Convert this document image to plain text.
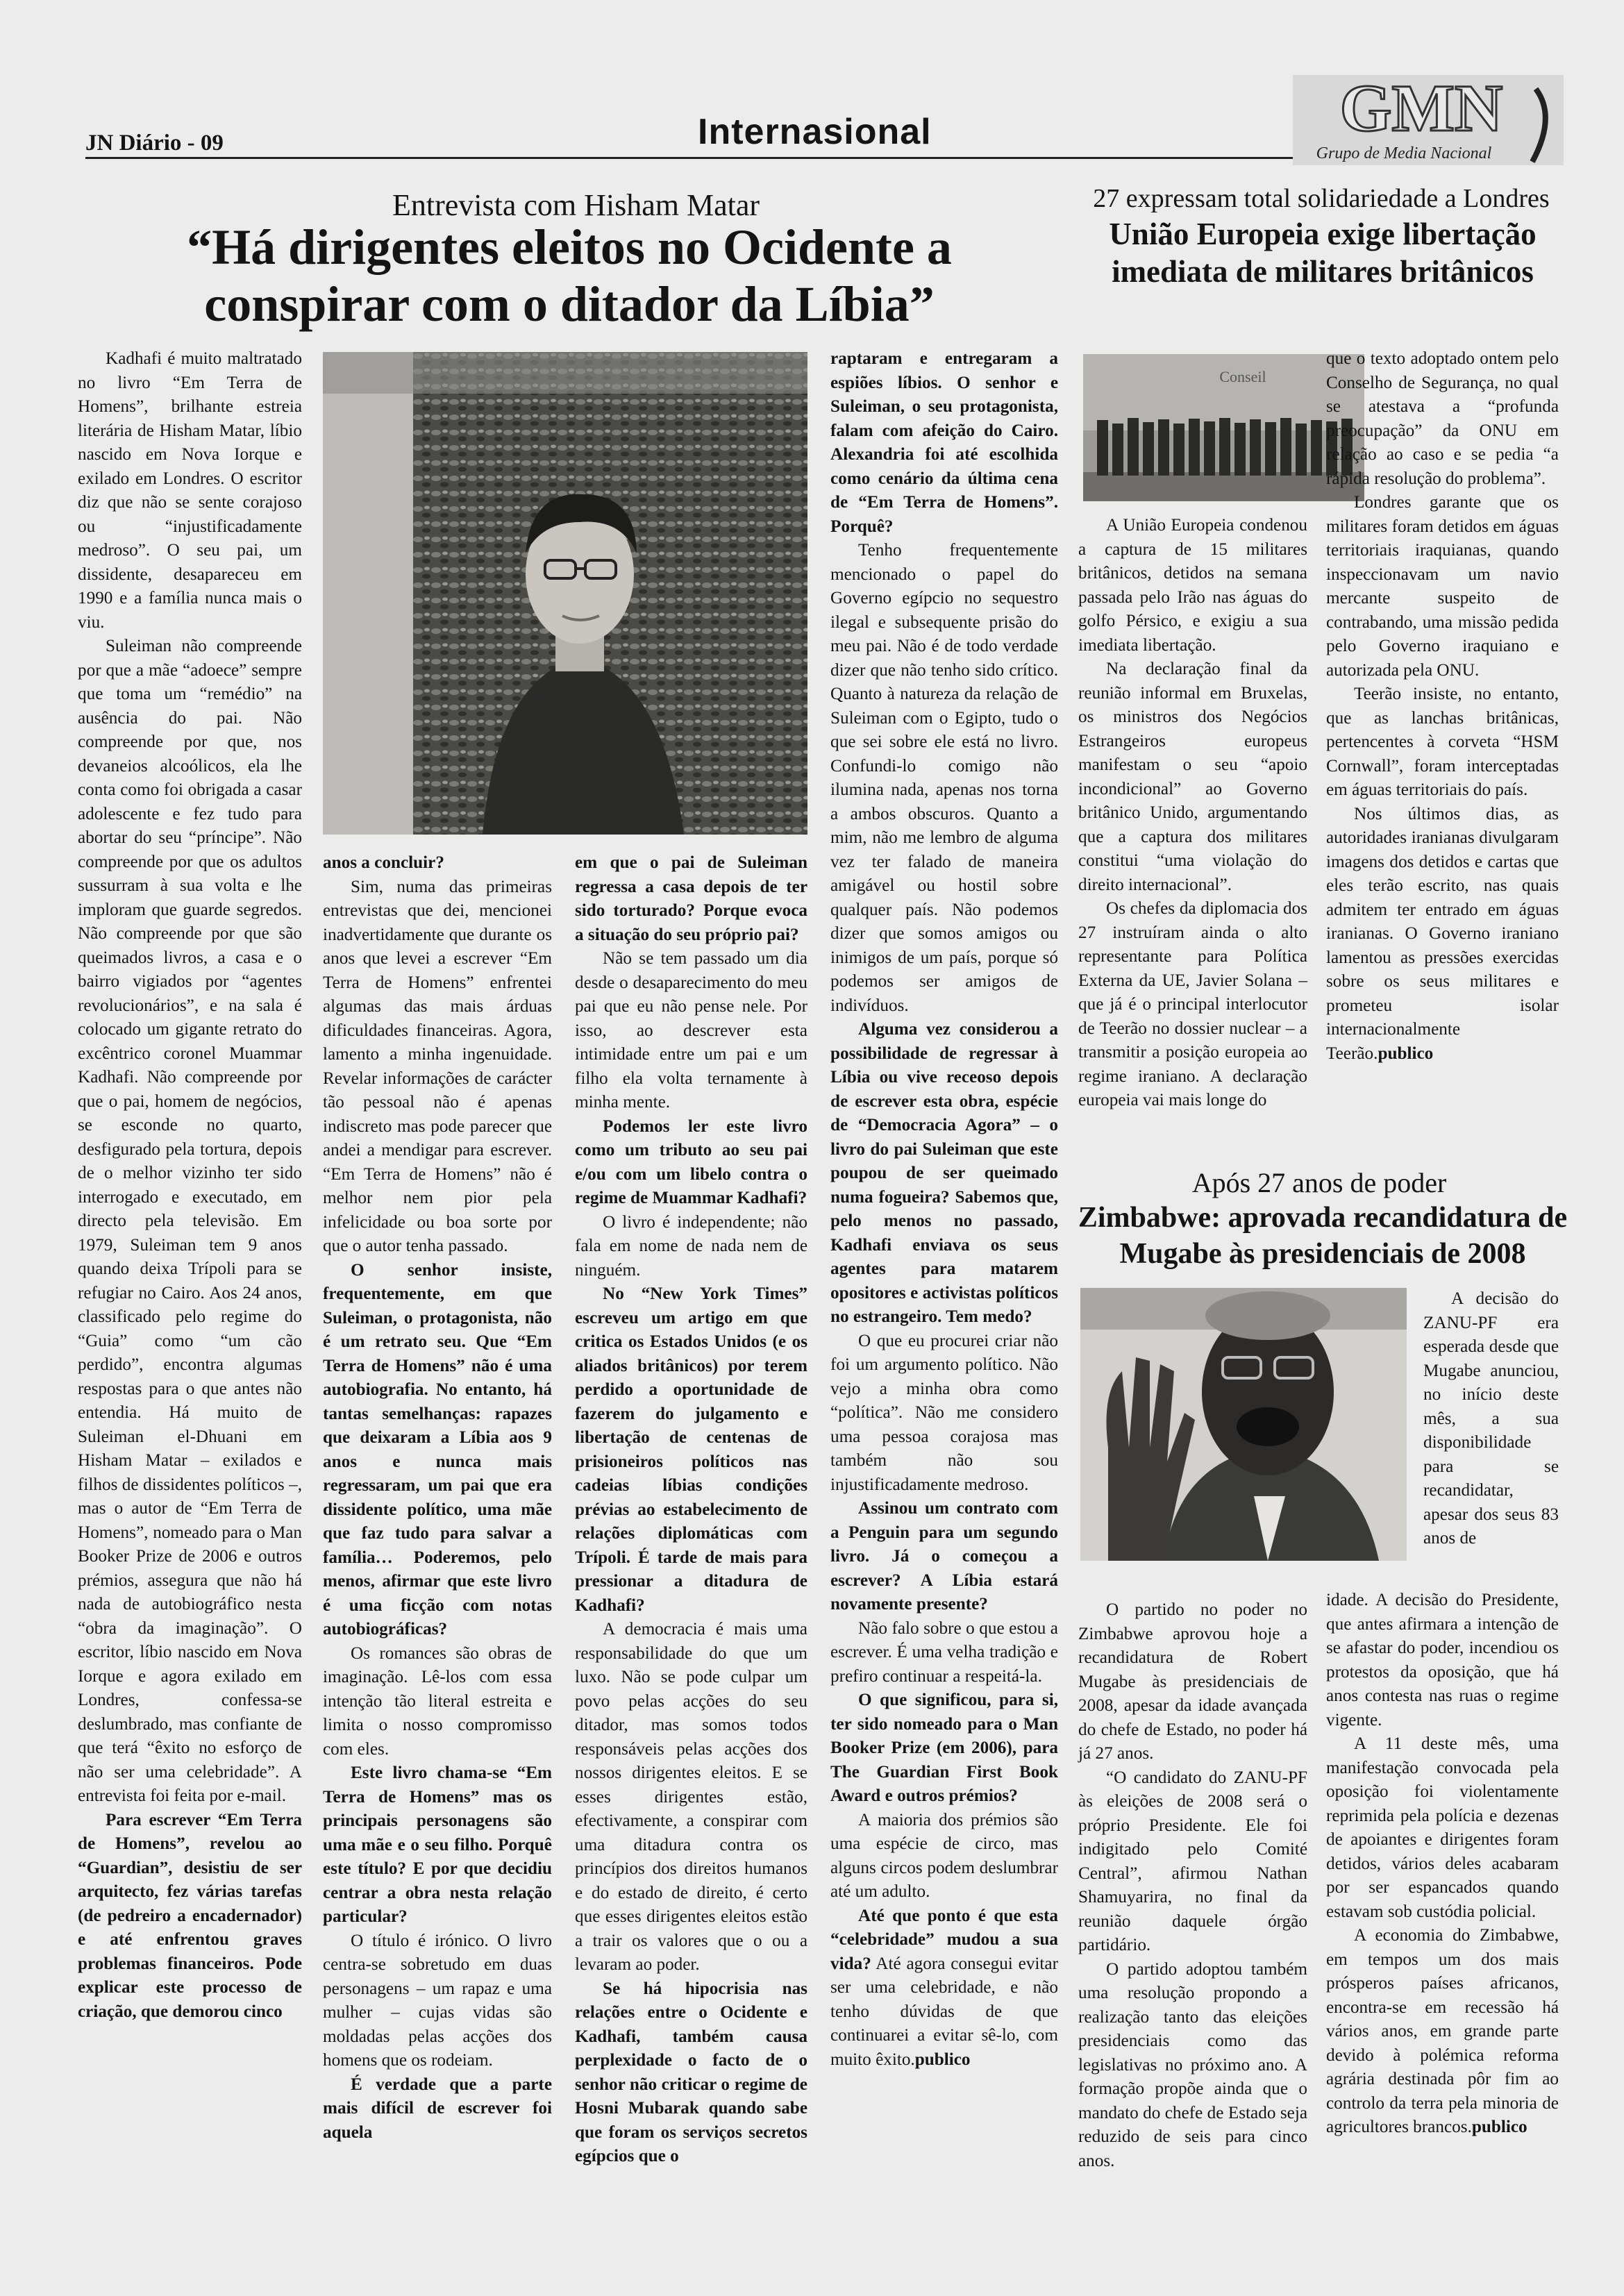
JN Diário - 09	Internasional	GMN
Grupo de Media Nacional
Entrevista com Hisham Matar
“Há dirigentes eleitos no Ocidente a conspirar com o ditador da Líbia”

Kadhafi é muito maltratado no livro “Em Terra de Homens”, brilhante estreia literária de Hisham Matar, líbio nascido em Nova Iorque e exilado em Londres. O escritor diz que não se sente corajoso ou “injustificadamente medroso”. O seu pai, um dissidente, desapareceu em 1990 e a família nunca mais o viu.

Suleiman não compreende por que a mãe “adoece” sempre que toma um “remédio” na ausência do pai. Não compreende por que, nos devaneios alcoólicos, ela lhe conta como foi obrigada a casar adolescente e fez tudo para abortar do seu “príncipe”. Não compreende por que os adultos sussurram à sua volta e lhe imploram que guarde segredos. Não compreende por que são queimados livros, a casa e o bairro vigiados por “agentes revolucionários”, e na sala é colocado um gigante retrato do excêntrico coronel Muammar Kadhafi. Não compreende por que o pai, homem de negócios, se esconde no quarto, desfigurado pela tortura, depois de o melhor vizinho ter sido interrogado e executado, em directo pela televisão. Em 1979, Suleiman tem 9 anos quando deixa Trípoli para se refugiar no Cairo. Aos 24 anos, classificado pelo regime do “Guia” como “um cão perdido”, encontra algumas respostas para o que antes não entendia. Há muito de Suleiman el-Dhuani em Hisham Matar – exilados e filhos de dissidentes políticos –, mas o autor de “Em Terra de Homens”, nomeado para o Man Booker Prize de 2006 e outros prémios, assegura que não há nada de autobiográfico nesta “obra da imaginação”. O escritor, líbio nascido em Nova Iorque e agora exilado em Londres, confessa-se deslumbrado, mas confiante de que terá “êxito no esforço de não ser uma celebridade”. A entrevista foi feita por e-mail.

Para escrever “Em Terra de Homens”, revelou ao “Guardian”, desistiu de ser arquitecto, fez várias tarefas (de pedreiro a encadernador) e até enfrentou graves problemas financeiros. Pode explicar este processo de criação, que demorou cinco

anos a concluir?

Sim, numa das primeiras entrevistas que dei, mencionei inadvertidamente que durante os anos que levei a escrever “Em Terra de Homens” enfrentei algumas das mais árduas dificuldades financeiras. Agora, lamento a minha ingenuidade. Revelar informações de carácter tão pessoal não é apenas indiscreto mas pode parecer que andei a mendigar para escrever. “Em Terra de Homens” não é melhor nem pior pela infelicidade ou boa sorte por que o autor tenha passado.

O senhor insiste, frequentemente, em que Suleiman, o protagonista, não é um retrato seu. Que “Em Terra de Homens” não é uma autobiografia. No entanto, há tantas semelhanças: rapazes que deixaram a Líbia aos 9 anos e nunca mais regressaram, um pai que era dissidente político, uma mãe que faz tudo para salvar a família… Poderemos, pelo menos, afirmar que este livro é uma ficção com notas autobiográficas?

Os romances são obras de imaginação. Lê-los com essa intenção tão literal estreita e limita o nosso compromisso com eles.

Este livro chama-se “Em Terra de Homens” mas os principais personagens são uma mãe e o seu filho. Porquê este título? E por que decidiu centrar a obra nesta relação particular?

O título é irónico. O livro centra-se sobretudo em duas personagens – um rapaz e uma mulher – cujas vidas são moldadas pelas acções dos homens que os rodeiam.

É verdade que a parte mais difícil de escrever foi aquela

em que o pai de Suleiman regressa a casa depois de ter sido torturado? Porque evoca a situação do seu próprio pai?

Não se tem passado um dia desde o desaparecimento do meu pai que eu não pense nele. Por isso, ao descrever esta intimidade entre um pai e um filho ela volta ternamente à minha mente.

Podemos ler este livro como um tributo ao seu pai e/ou com um libelo contra o regime de Muammar Kadhafi?

O livro é independente; não fala em nome de nada nem de ninguém.

No “New York Times” escreveu um artigo em que critica os Estados Unidos (e os aliados britânicos) por terem perdido a oportunidade de fazerem do julgamento e libertação de centenas de prisioneiros políticos nas cadeias líbias condições prévias ao estabelecimento de relações diplomáticas com Trípoli. É tarde de mais para pressionar a ditadura de Kadhafi?

A democracia é mais uma responsabilidade do que um luxo. Não se pode culpar um povo pelas acções do seu ditador, mas somos todos responsáveis pelas acções dos nossos dirigentes eleitos. E se esses dirigentes estão, efectivamente, a conspirar com uma ditadura contra os princípios dos direitos humanos e do estado de direito, é certo que esses dirigentes eleitos estão a trair os valores que o ou a levaram ao poder.

Se há hipocrisia nas relações entre o Ocidente e Kadhafi, também causa perplexidade o facto de o senhor não criticar o regime de Hosni Mubarak quando sabe que foram os serviços secretos egípcios que o

raptaram e entregaram a espiões líbios. O senhor e Suleiman, o seu protagonista, falam com afeição do Cairo. Alexandria foi até escolhida como cenário da última cena de “Em Terra de Homens”. Porquê?

Tenho frequentemente mencionado o papel do Governo egípcio no sequestro ilegal e subsequente prisão do meu pai. Não é de todo verdade dizer que não tenho sido crítico. Quanto à natureza da relação de Suleiman com o Egipto, tudo o que sei sobre ele está no livro. Confundi-lo comigo não ilumina nada, apenas nos torna a ambos obscuros. Quanto a mim, não me lembro de alguma vez ter falado de maneira amigável ou hostil sobre qualquer país. Não podemos dizer que somos amigos ou inimigos de um país, porque só podemos ser amigos de indivíduos.

Alguma vez considerou a possibilidade de regressar à Líbia ou vive receoso depois de escrever esta obra, espécie de “Democracia Agora” – o livro do pai Suleiman que este poupou de ser queimado numa fogueira? Sabemos que, pelo menos no passado, Kadhafi enviava os seus agentes para matarem opositores e activistas políticos no estrangeiro. Tem medo?

O que eu procurei criar não foi um argumento político. Não vejo a minha obra como “política”. Não me considero uma pessoa corajosa mas também não sou injustificadamente medroso.

Assinou um contrato com a Penguin para um segundo livro. Já o começou a escrever? A Líbia estará novamente presente?

Não falo sobre o que estou a escrever. É uma velha tradição e prefiro continuar a respeitá-la.

O que significou, para si, ter sido nomeado para o Man Booker Prize (em 2006), para The Guardian First Book Award e outros prémios?

A maioria dos prémios são uma espécie de circo, mas alguns circos podem deslumbrar até um adulto.

Até que ponto é que esta “celebridade” mudou a sua vida? Até agora consegui evitar ser uma celebridade, e não tenho dúvidas de que continuarei a evitar sê-lo, com muito êxito.publico

27 expressam total solidariedade a Londres
União Europeia exige libertação imediata de militares britânicos
Conseil

A União Europeia condenou a captura de 15 militares britânicos, detidos na semana passada pelo Irão nas águas do golfo Pérsico, e exigiu a sua imediata libertação.

Na declaração final da reunião informal em Bruxelas, os ministros dos Negócios Estrangeiros europeus manifestam o seu “apoio incondicional” ao Governo britânico Unido, argumentando que a captura dos militares constitui “uma violação do direito internacional”.

Os chefes da diplomacia dos 27 instruíram ainda o alto representante para Política Externa da UE, Javier Solana – que já é o principal interlocutor de Teerão no dossier nuclear – a transmitir a posição europeia ao regime iraniano. A declaração europeia vai mais longe do

que o texto adoptado ontem pelo Conselho de Segurança, no qual se atestava a “profunda preocupação” da ONU em relação ao caso e se pedia “a rápida resolução do problema”.

Londres garante que os militares foram detidos em águas territoriais iraquianas, quando inspeccionavam um navio mercante suspeito de contrabando, uma missão pedida pelo Governo iraquiano e autorizada pela ONU.

Teerão insiste, no entanto, que as lanchas britânicas, pertencentes à corveta “HSM Cornwall”, foram interceptadas em águas territoriais do país.

Nos últimos dias, as autoridades iranianas divulgaram imagens dos detidos e cartas que eles terão escrito, nas quais admitem ter entrado em águas iranianas. O Governo iraniano lamentou as pressões exercidas sobre os seus militares e prometeu isolar internacionalmente Teerão.publico

Após 27 anos de poder
Zimbabwe: aprovada recandidatura de Mugabe às presidenciais de 2008

A decisão do ZANU-PF era esperada desde que Mugabe anunciou, no início deste mês, a sua disponibilidade para se recandidatar, apesar dos seus 83 anos de

O partido no poder no Zimbabwe aprovou hoje a recandidatura de Robert Mugabe às presidenciais de 2008, apesar da idade avançada do chefe de Estado, no poder há já 27 anos.

“O candidato do ZANU-PF às eleições de 2008 será o próprio Presidente. Ele foi indigitado pelo Comité Central”, afirmou Nathan Shamuyarira, no final da reunião daquele órgão partidário.

O partido adoptou também uma resolução propondo a realização tanto das eleições presidenciais como das legislativas no próximo ano. A formação propõe ainda que o mandato do chefe de Estado seja reduzido de seis para cinco anos.

idade. A decisão do Presidente, que antes afirmara a intenção de se afastar do poder, incendiou os protestos da oposição, que há anos contesta nas ruas o regime vigente.

A 11 deste mês, uma manifestação convocada pela oposição foi violentamente reprimida pela polícia e dezenas de apoiantes e dirigentes foram detidos, vários deles acabaram por ser espancados quando estavam sob custódia policial.

A economia do Zimbabwe, em tempos um dos mais prósperos países africanos, encontra-se em recessão há vários anos, em grande parte devido à polémica reforma agrária destinada pôr fim ao controlo da terra pela minoria de agricultores brancos.publico
